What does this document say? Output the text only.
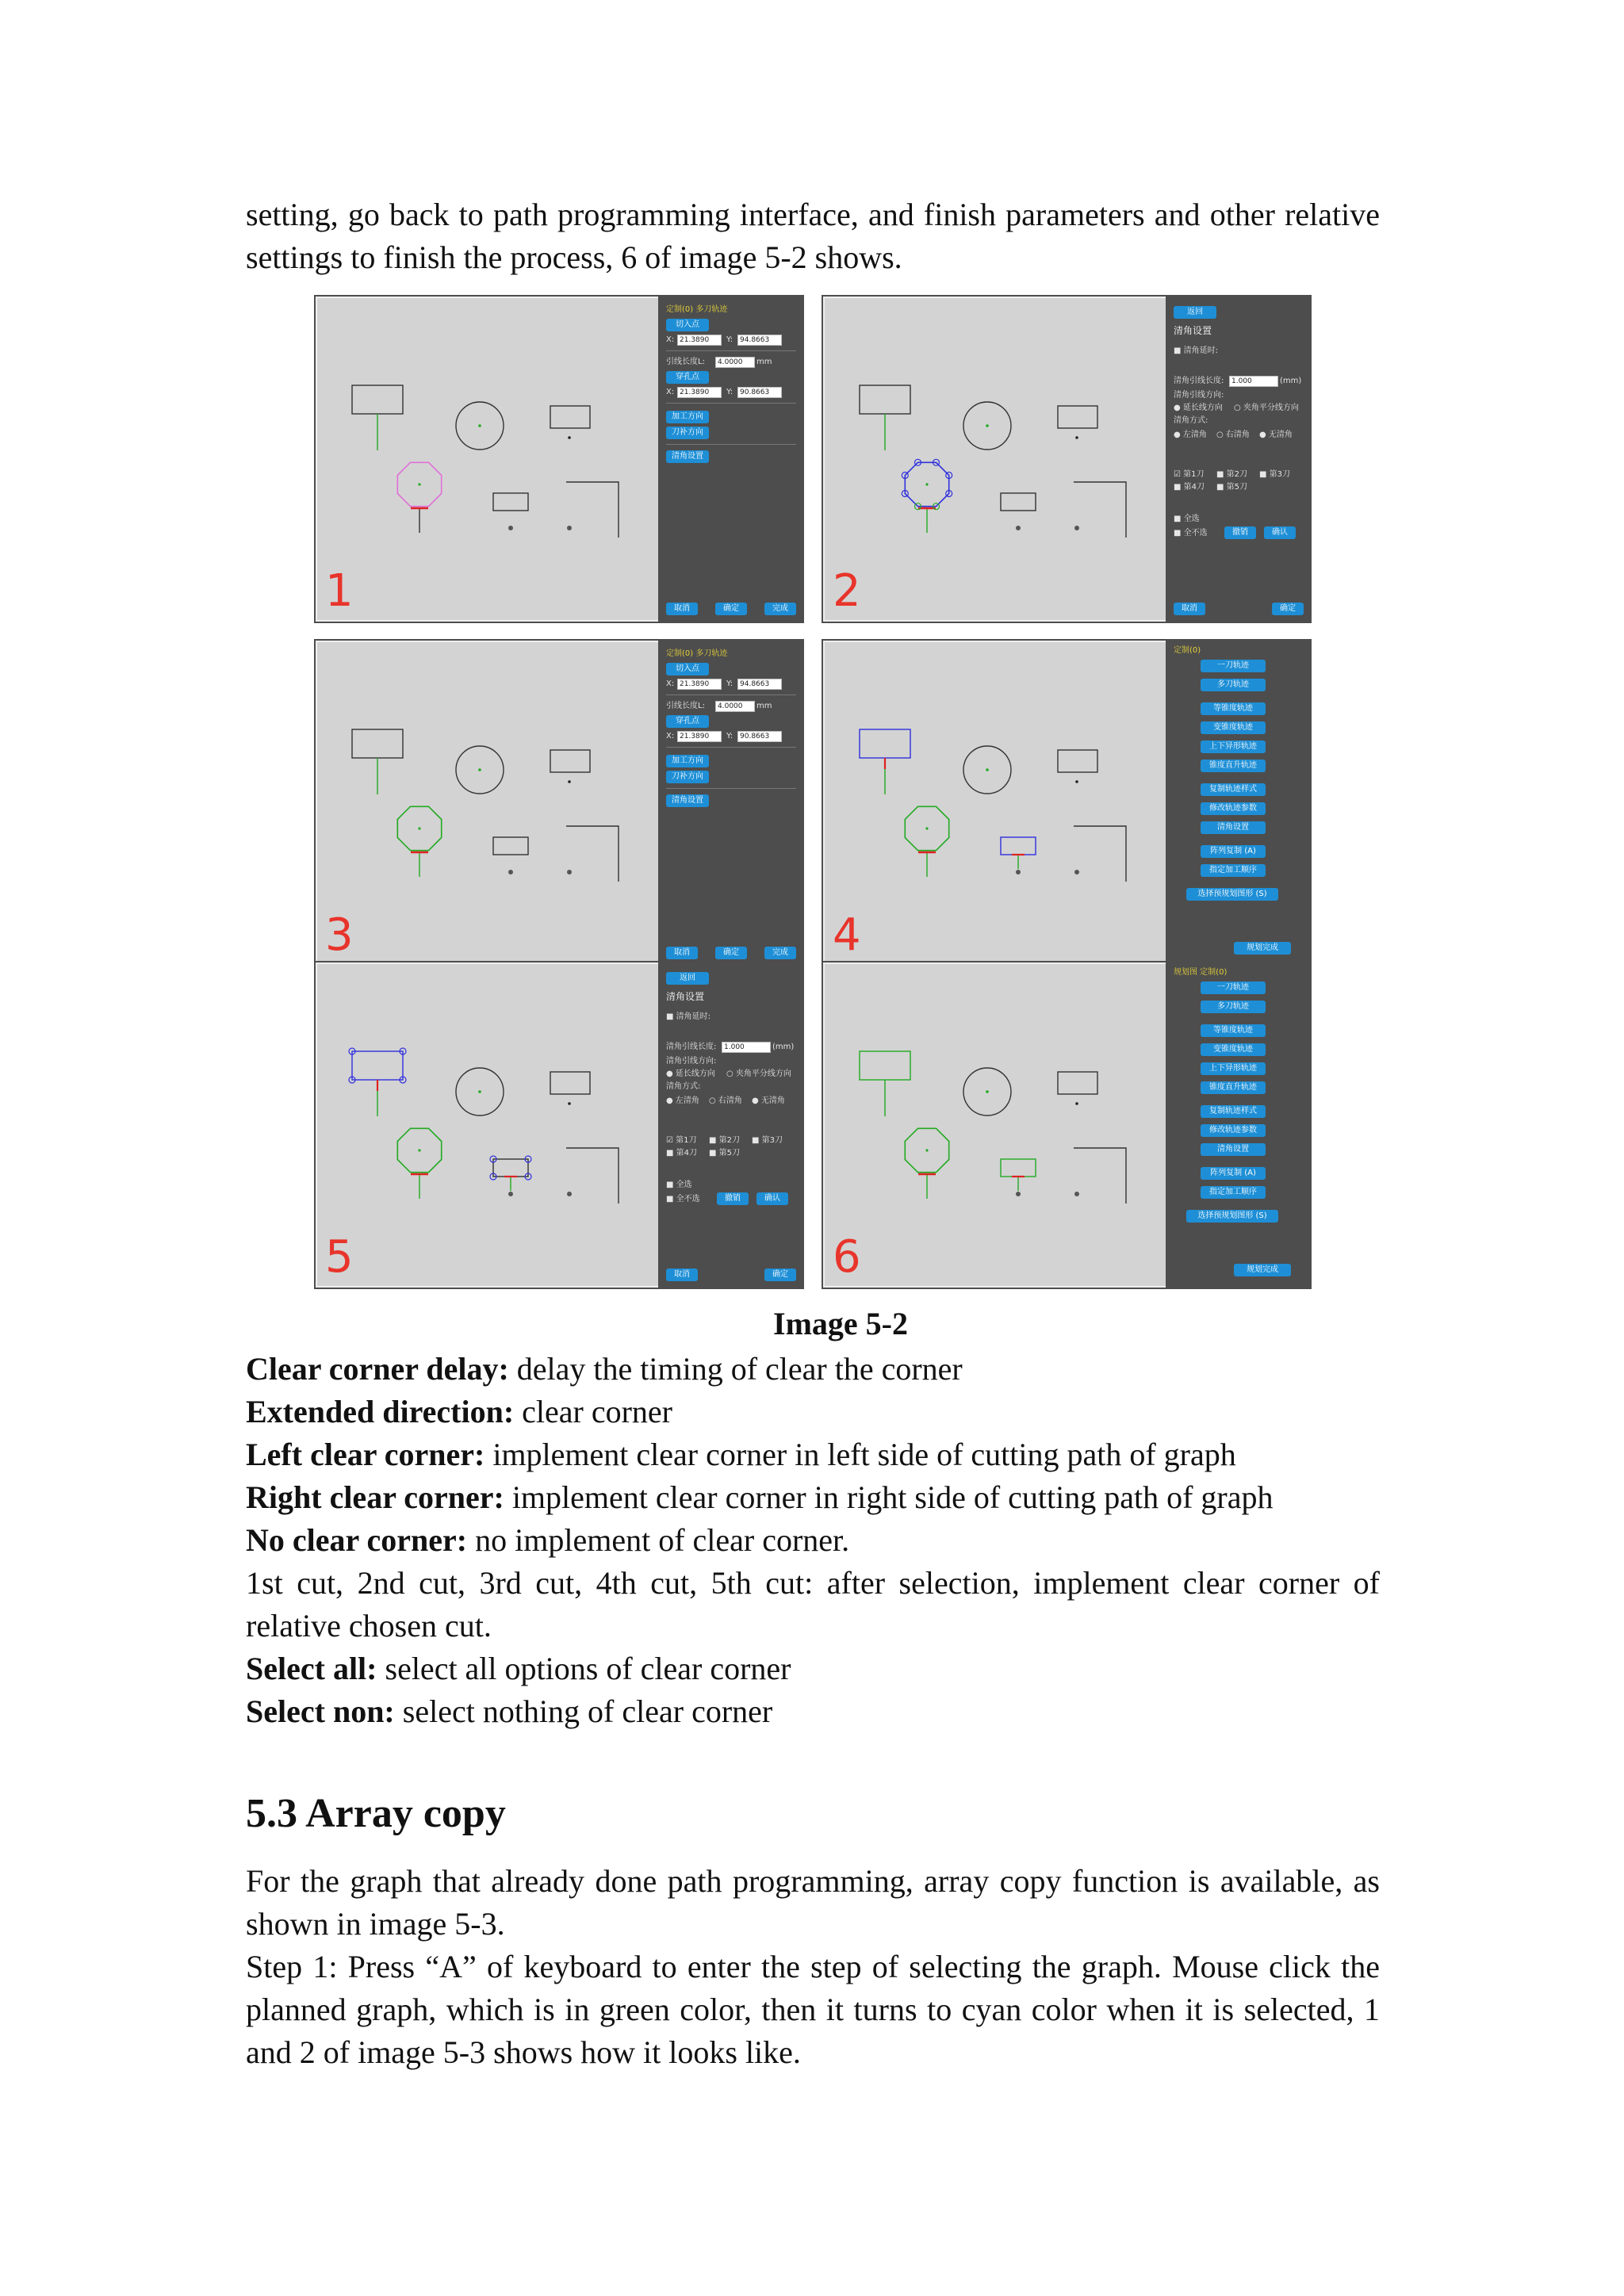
setting, go back to path programming interface, and finish parameters and other relative settings to finish the process, 6 of image 5-2 shows.
1
定制(0) 多刀轨迹
切入点
X: 21.3890	Y: 94.8663
引线长度L:	4.0000	mm
穿孔点
X: 21.3890	Y: 90.8663
加工方向
刀补方向
清角设置
取消	确定	完成 2
返回
清角设置
■ 清角延时:
清角引线长度:	1.000	(mm)
清角引线方向:
● 延长线方向 ○ 夹角平分线方向
清角方式:
● 左清角 ○ 右清角 ● 无清角
☑ 第1刀 ■ 第2刀 ■ 第3刀
■ 第4刀 ■ 第5刀
■ 全选
■ 全不选	撤销	确认
取消	确定
3
定制(0) 多刀轨迹
切入点
X: 21.3890	Y: 94.8663
引线长度L:	4.0000	mm
穿孔点
X: 21.3890	Y: 90.8663
加工方向
刀补方向
清角设置
取消	确定	完成 4
定制(0)
一刀轨迹
多刀轨迹
等锥度轨迹
变锥度轨迹
上下异形轨迹
锥度直升轨迹
复制轨迹样式
修改轨迹参数
清角设置
阵列复制 (A)
指定加工顺序
选择预规划图形 (S)
规划完成
5
返回
清角设置
■ 清角延时:
清角引线长度:	1.000	(mm)
清角引线方向:
● 延长线方向 ○ 夹角平分线方向
清角方式:
● 左清角 ○ 右清角 ● 无清角
☑ 第1刀 ■ 第2刀 ■ 第3刀
■ 第4刀 ■ 第5刀
■ 全选
■ 全不选	撤销	确认
取消	确定 6
规划图 定制(0)
一刀轨迹
多刀轨迹
等锥度轨迹
变锥度轨迹
上下异形轨迹
锥度直升轨迹
复制轨迹样式
修改轨迹参数
清角设置
阵列复制 (A)
指定加工顺序
选择预规划图形 (S)
规划完成
Image 5-2

Clear corner delay: delay the timing of clear the corner

Extended direction: clear corner

Left clear corner: implement clear corner in left side of cutting path of graph

Right clear corner: implement clear corner in right side of cutting path of graph

No clear corner: no implement of clear corner.

1st cut, 2nd cut, 3rd cut, 4th cut, 5th cut: after selection, implement clear corner of relative chosen cut.

Select all: select all options of clear corner

Select non: select nothing of clear corner

5.3 Array copy

For the graph that already done path programming, array copy function is available, as shown in image 5-3.

Step 1: Press “A” of keyboard to enter the step of selecting the graph. Mouse click the planned graph, which is in green color, then it turns to cyan color when it is selected, 1 and 2 of image 5-3 shows how it looks like.
